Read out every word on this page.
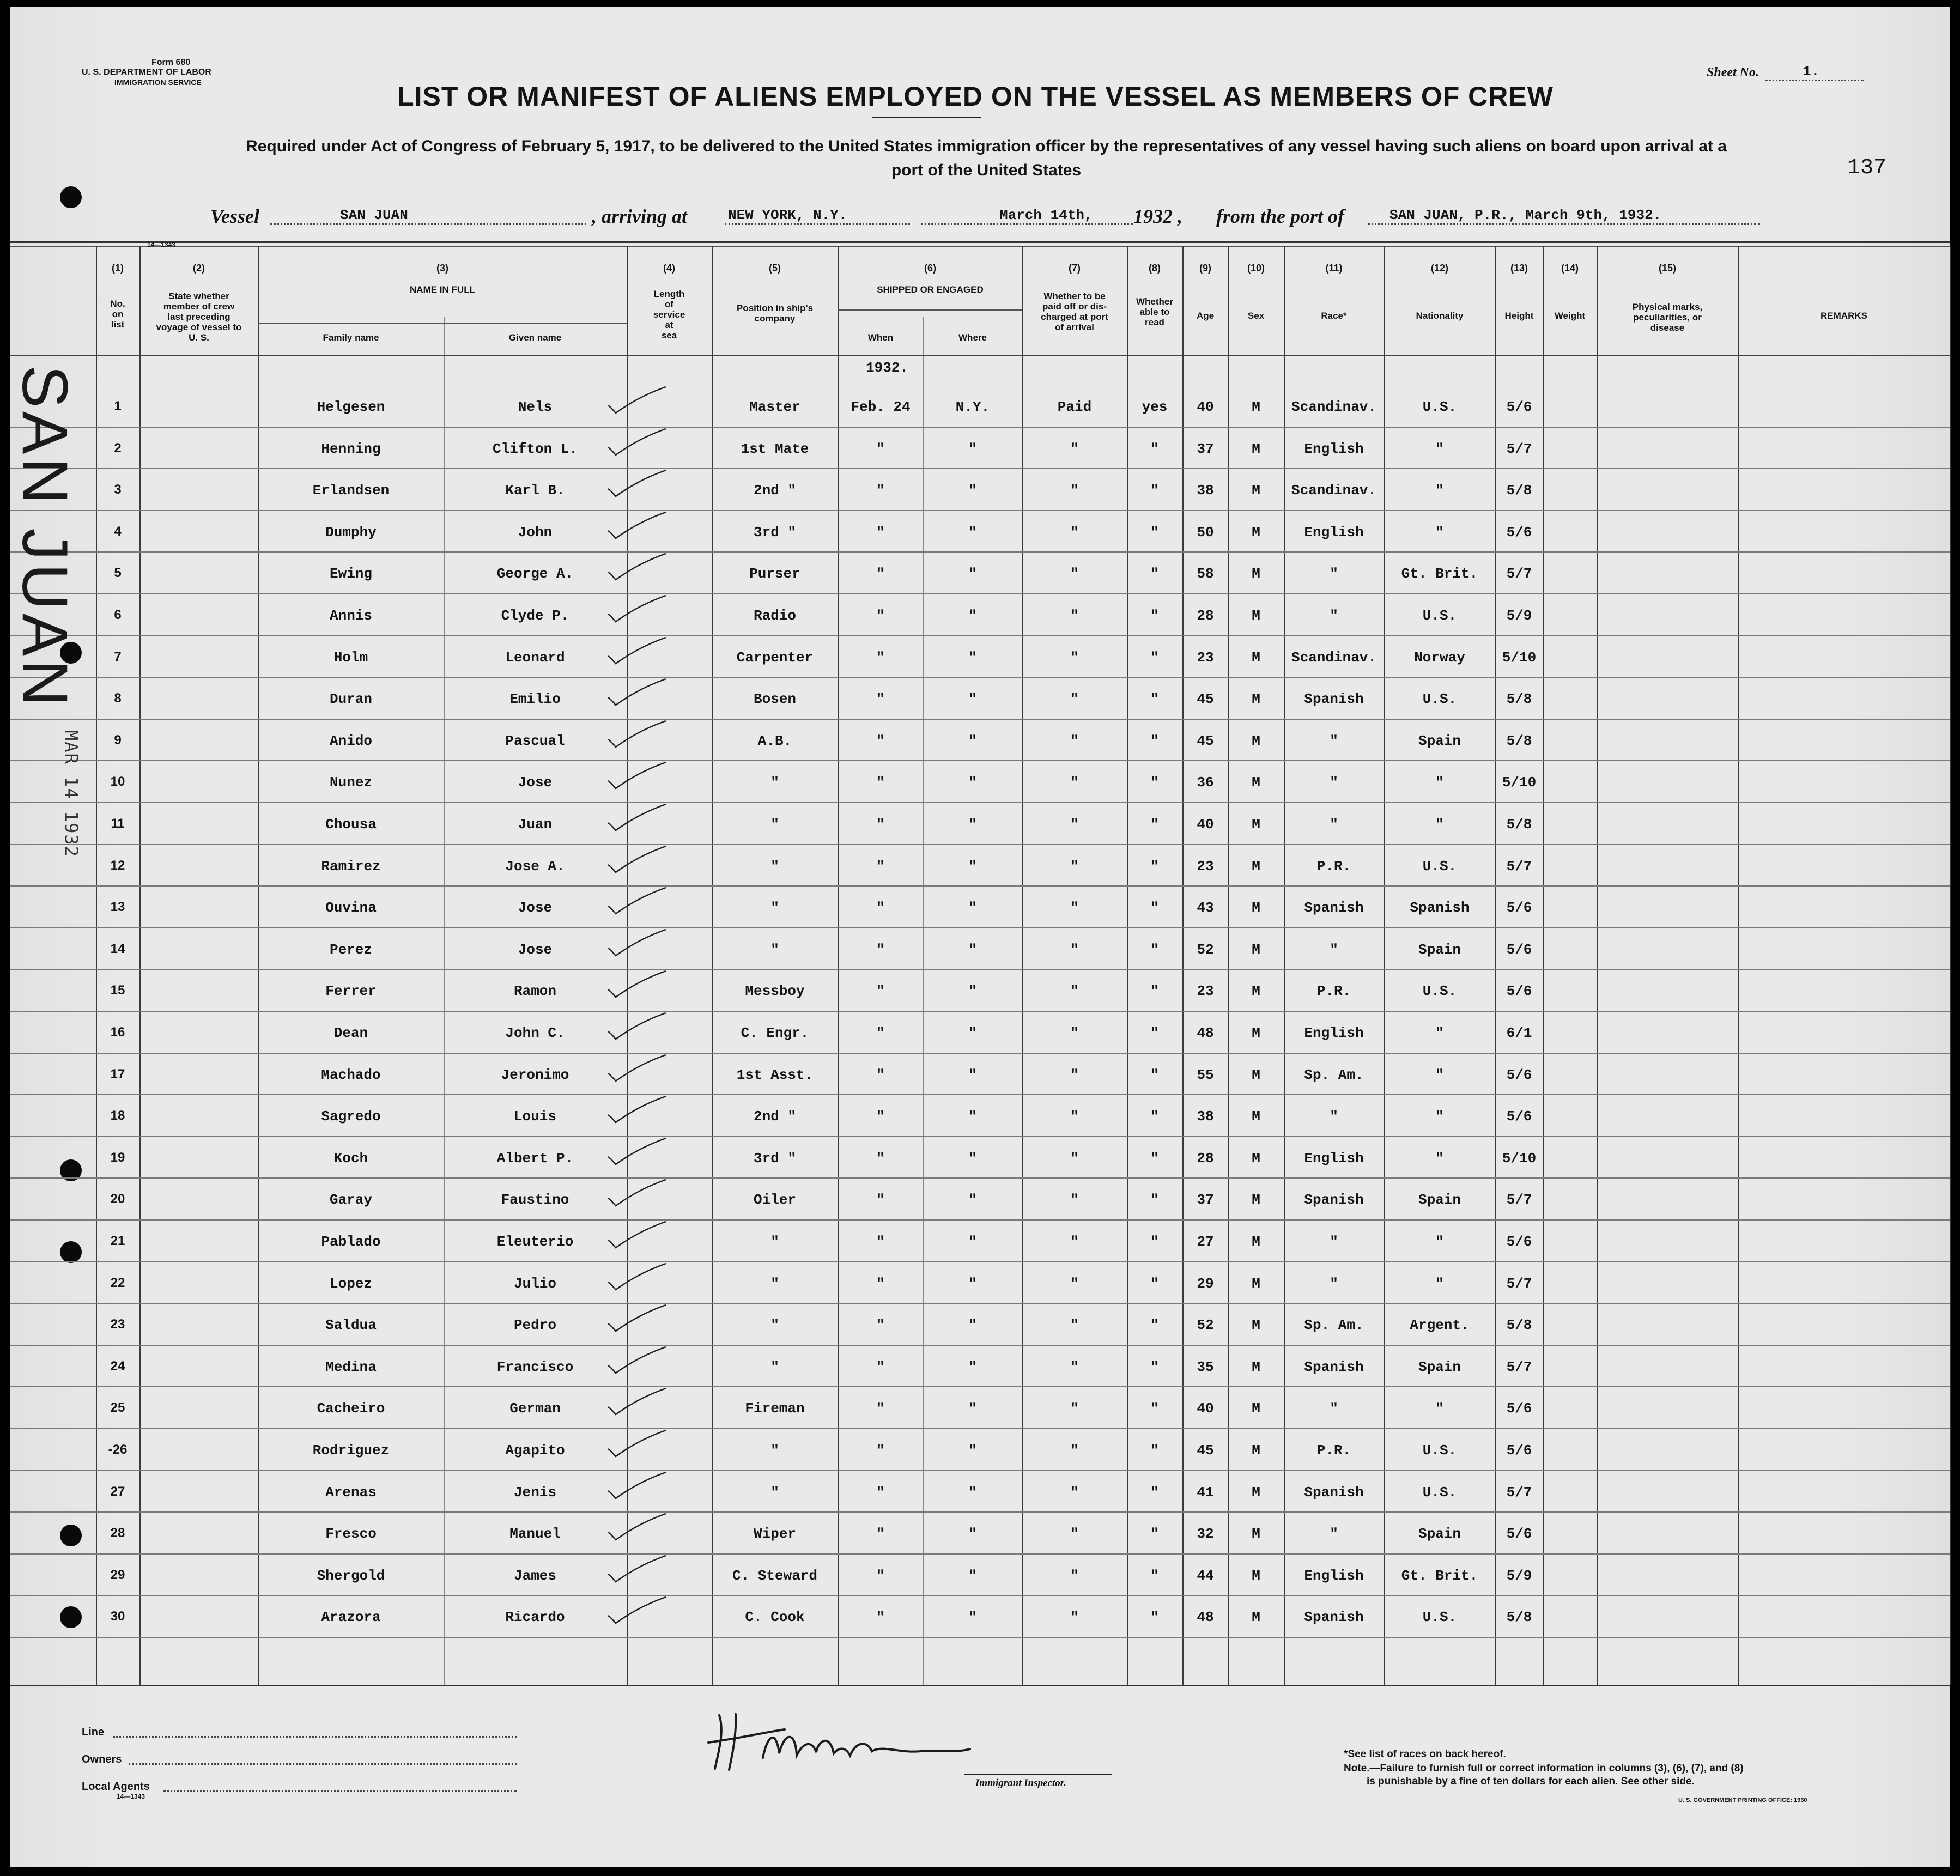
Form 680
U. S. DEPARTMENT OF LABOR
IMMIGRATION SERVICE
Sheet No.	1.
LIST OR MANIFEST OF ALIENS EMPLOYED ON THE VESSEL AS MEMBERS OF CREW
Required under Act of Congress of February 5, 1917, to be delivered to the United States immigration officer by the representatives of any vessel having such aliens on board upon arrival at a
port of the United States	137
Vessel	SAN JUAN	, arriving at	NEW YORK, N.Y.	March 14th, 1932 , from the port of	SAN JUAN, P.R., March 9th, 1932.
14—1343
(1)
No.
on
list
(2)
State whether
member of crew
last preceding
voyage of vessel to
U. S.
(3)
NAME IN FULL
Family name	Given name
(4)
Length
of
service
at
sea
(5)
Position in ship's
company
(6)
SHIPPED OR ENGAGED
When	Where
(7)
Whether to be
paid off or dis-
charged at port
of arrival
(8)
Whether
able to
read
(9)
Age
(10)
Sex
(11)
Race*
(12)
Nationality
(13)
Height
(14)
Weight
(15)
Physical marks,
peculiarities, or
disease
REMARKS
1932.
1	Helgesen	Nels	Master	Feb. 24	N.Y.	Paid	yes	40	M	Scandinav.	U.S.	5/6
2	Henning	Clifton L.	1st Mate	"	"	"	"	37	M	English	"	5/7
3	Erlandsen	Karl B.	2nd "	"	"	"	"	38	M	Scandinav.	"	5/8
4	Dumphy	John	3rd "	"	"	"	"	50	M	English	"	5/6
5	Ewing	George A.	Purser	"	"	"	"	58	M	"	Gt. Brit.	5/7
6	Annis	Clyde P.	Radio	"	"	"	"	28	M	"	U.S.	5/9
7	Holm	Leonard	Carpenter	"	"	"	"	23	M	Scandinav.	Norway	5/10
8	Duran	Emilio	Bosen	"	"	"	"	45	M	Spanish	U.S.	5/8
9	Anido	Pascual	A.B.	"	"	"	"	45	M	"	Spain	5/8
10	Nunez	Jose	"	"	"	"	"	36	M	"	"	5/10
11	Chousa	Juan	"	"	"	"	"	40	M	"	"	5/8
12	Ramirez	Jose A.	"	"	"	"	"	23	M	P.R.	U.S.	5/7
13	Ouvina	Jose	"	"	"	"	"	43	M	Spanish	Spanish	5/6
14	Perez	Jose	"	"	"	"	"	52	M	"	Spain	5/6
15	Ferrer	Ramon	Messboy	"	"	"	"	23	M	P.R.	U.S.	5/6
16	Dean	John C.	C. Engr.	"	"	"	"	48	M	English	"	6/1
17	Machado	Jeronimo	1st Asst.	"	"	"	"	55	M	Sp. Am.	"	5/6
18	Sagredo	Louis	2nd "	"	"	"	"	38	M	"	"	5/6
19	Koch	Albert P.	3rd "	"	"	"	"	28	M	English	"	5/10
20	Garay	Faustino	Oiler	"	"	"	"	37	M	Spanish	Spain	5/7
21	Pablado	Eleuterio	"	"	"	"	"	27	M	"	"	5/6
22	Lopez	Julio	"	"	"	"	"	29	M	"	"	5/7
23	Saldua	Pedro	"	"	"	"	"	52	M	Sp. Am.	Argent.	5/8
24	Medina	Francisco	"	"	"	"	"	35	M	Spanish	Spain	5/7
25	Cacheiro	German	Fireman	"	"	"	"	40	M	"	"	5/6
-26	Rodriguez	Agapito	"	"	"	"	"	45	M	P.R.	U.S.	5/6
27	Arenas	Jenis	"	"	"	"	"	41	M	Spanish	U.S.	5/7
28	Fresco	Manuel	Wiper	"	"	"	"	32	M	"	Spain	5/6
29	Shergold	James	C. Steward	"	"	"	"	44	M	English	Gt. Brit.	5/9
30	Arazora	Ricardo	C. Cook	"	"	"	"	48	M	Spanish	U.S.	5/8
SAN JUAN
MAR 14 1932
Line
Owners
Local Agents
14—1343
Immigrant Inspector.
*See list of races on back hereof.
Note.—Failure to furnish full or correct information in columns (3), (6), (7), and (8)
is punishable by a fine of ten dollars for each alien. See other side.
U. S. GOVERNMENT PRINTING OFFICE: 1930
